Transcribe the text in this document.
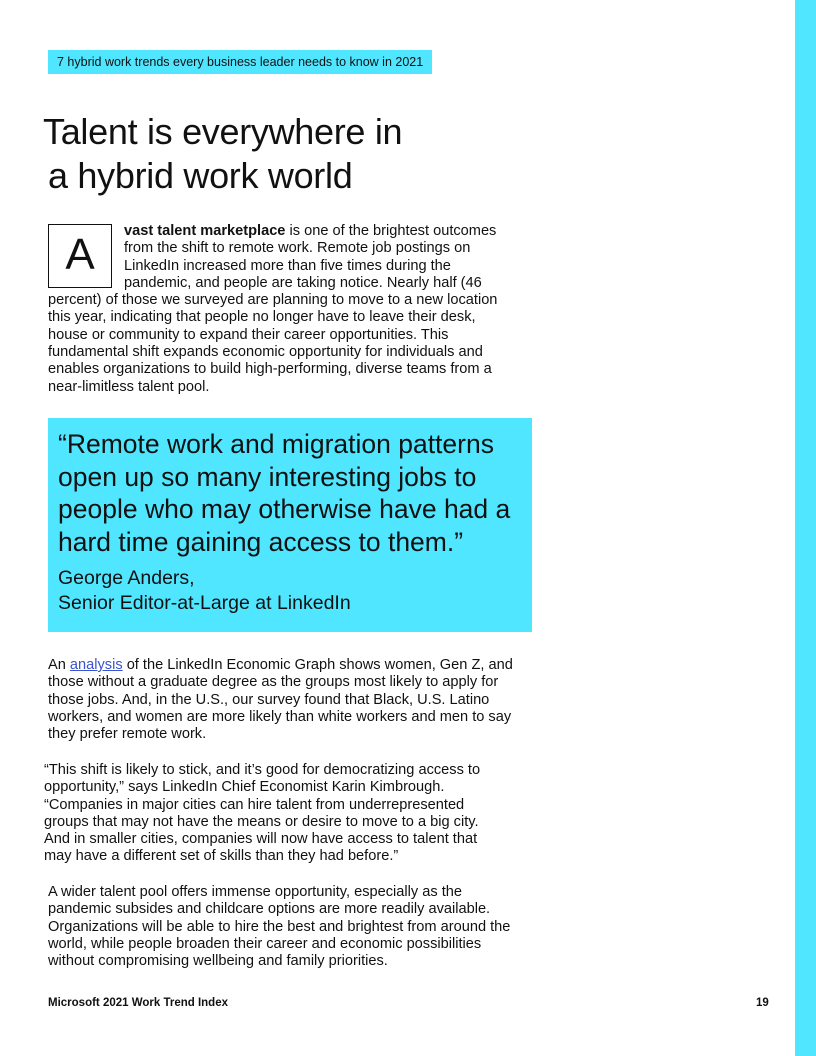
7 hybrid work trends every business leader needs to know in 2021
Talent is everywhere in
a hybrid work world
A	vast talent marketplace is one of the brightest outcomes from the shift to remote work. Remote job postings on LinkedIn increased more than five times during the pandemic, and people are taking notice. Nearly half (46 percent) of those we surveyed are planning to move to a new location this year, indicating that people no longer have to leave their desk, house or community to expand their career opportunities. This fundamental shift expands economic opportunity for individuals and enables organizations to build high-performing, diverse teams from a near-limitless talent pool.

“Remote work and migration patterns open up so many interesting jobs to people who may otherwise have had a hard time gaining access to them.”

George Anders,
Senior Editor-at-Large at LinkedIn

An analysis of the LinkedIn Economic Graph shows women, Gen Z, and those without a graduate degree as the groups most likely to apply for those jobs. And, in the U.S., our survey found that Black, U.S. Latino workers, and women are more likely than white workers and men to say they prefer remote work.

“This shift is likely to stick, and it’s good for democratizing access to opportunity,” says LinkedIn Chief Economist Karin Kimbrough. “Companies in major cities can hire talent from underrepresented groups that may not have the means or desire to move to a big city. And in smaller cities, companies will now have access to talent that may have a different set of skills than they had before.”

A wider talent pool offers immense opportunity, especially as the pandemic subsides and childcare options are more readily available. Organizations will be able to hire the best and brightest from around the world, while people broaden their career and economic possibilities without compromising wellbeing and family priorities.

Microsoft 2021 Work Trend Index	19
